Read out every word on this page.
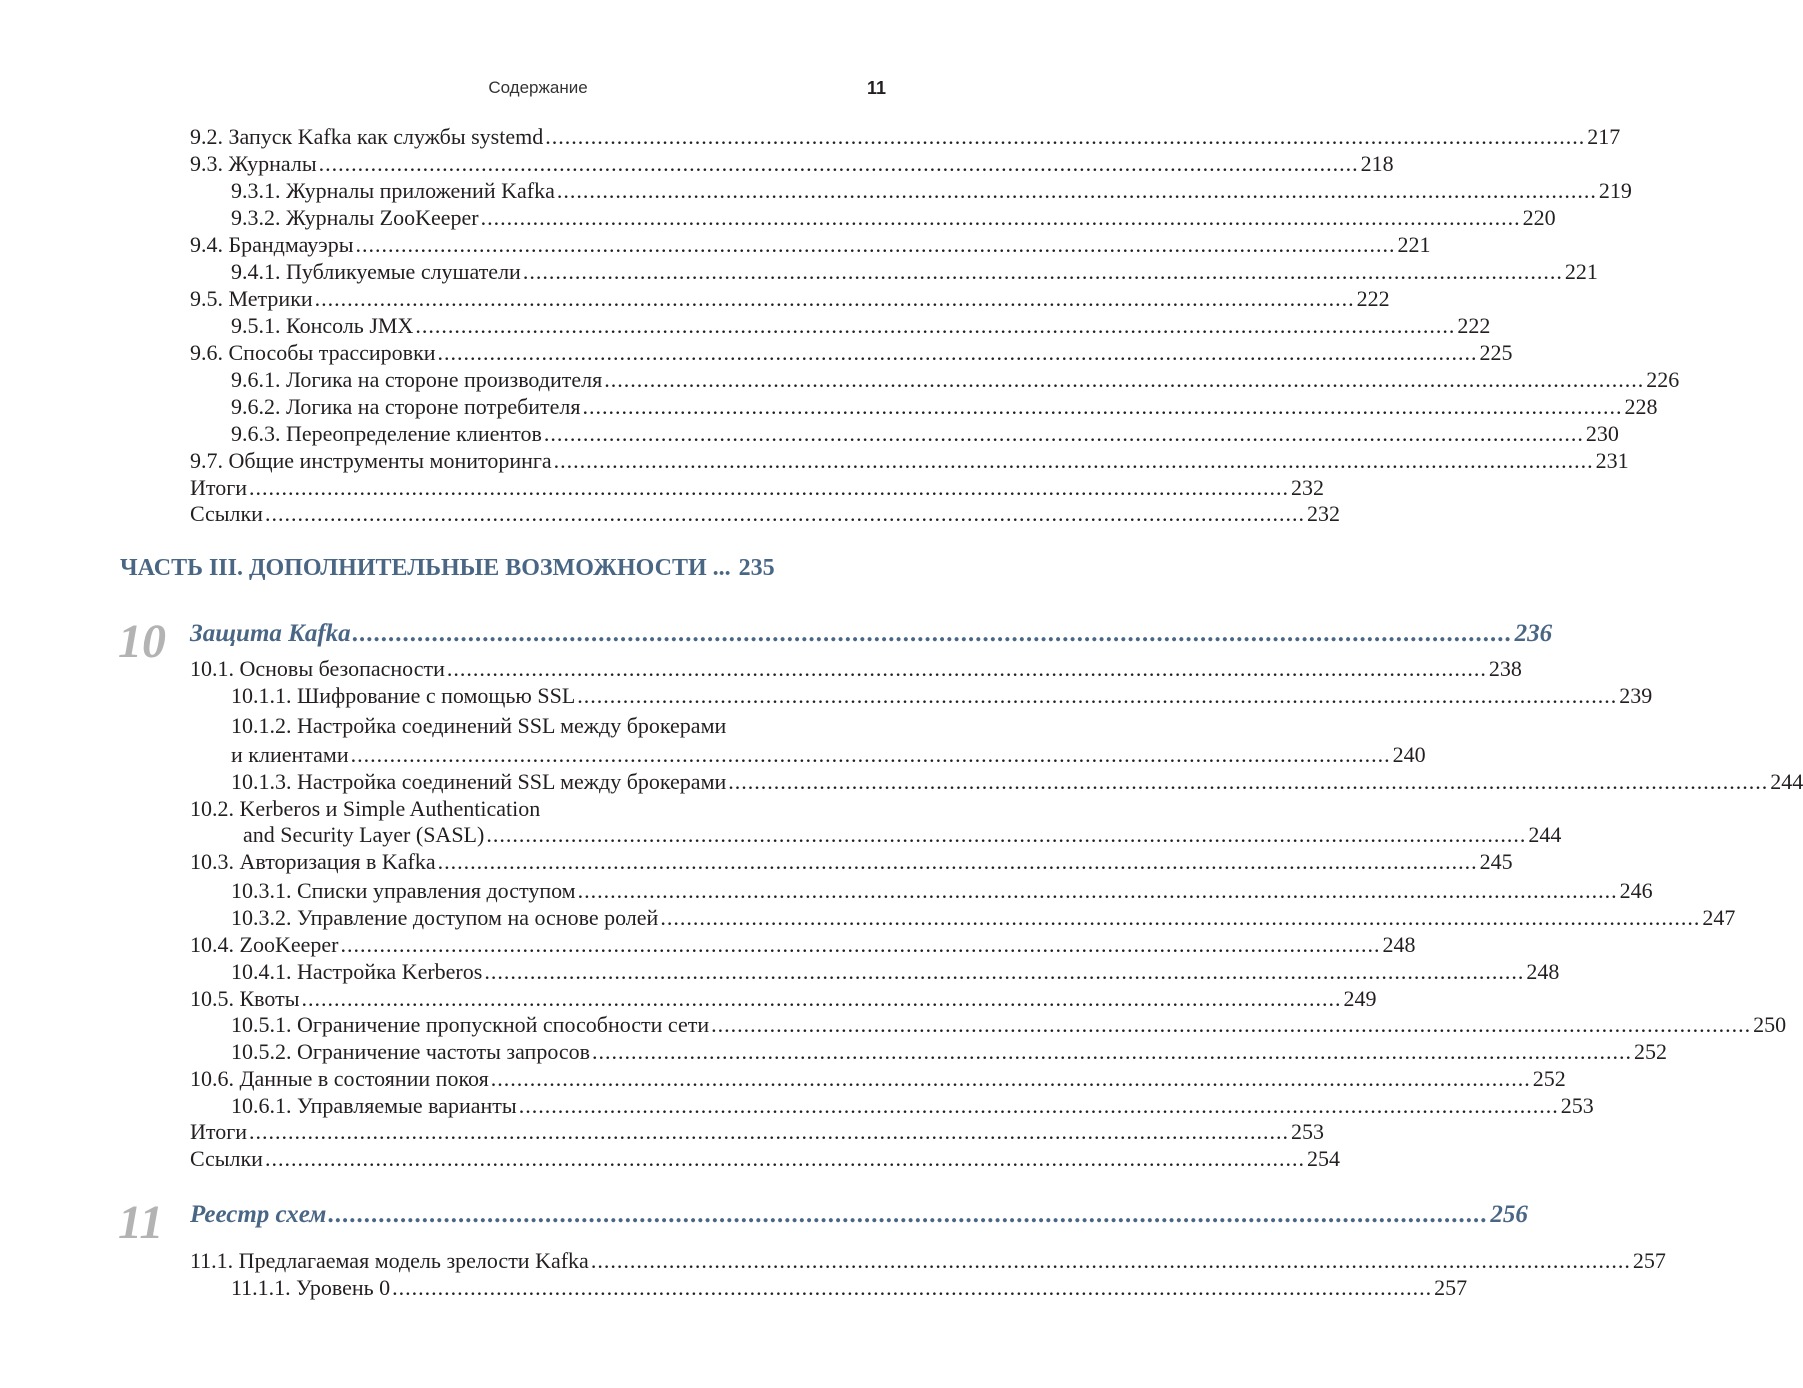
Содержание	11
9.2. Запуск Kafka как службы systemd ................................................................................................................................................................ 217
9.3. Журналы ................................................................................................................................................................ 218
9.3.1. Журналы приложений Kafka ................................................................................................................................................................ 219
9.3.2. Журналы ZooKeeper ................................................................................................................................................................ 220
9.4. Брандмауэры ................................................................................................................................................................ 221
9.4.1. Публикуемые слушатели ................................................................................................................................................................ 221
9.5. Метрики ................................................................................................................................................................ 222
9.5.1. Консоль JMX ................................................................................................................................................................ 222
9.6. Способы трассировки ................................................................................................................................................................ 225
9.6.1. Логика на стороне производителя ................................................................................................................................................................ 226
9.6.2. Логика на стороне потребителя ................................................................................................................................................................ 228
9.6.3. Переопределение клиентов ................................................................................................................................................................ 230
9.7. Общие инструменты мониторинга ................................................................................................................................................................ 231
Итоги ................................................................................................................................................................ 232
Ссылки ................................................................................................................................................................ 232
ЧАСТЬ III. ДОПОЛНИТЕЛЬНЫЕ ВОЗМОЖНОСТИ ... 235
10 Защита Kafka ................................................................................................................................................................ 236
10.1. Основы безопасности ................................................................................................................................................................ 238
10.1.1. Шифрование с помощью SSL ................................................................................................................................................................ 239
10.1.2. Настройка соединений SSL между брокерами
и клиентами ................................................................................................................................................................ 240
10.1.3. Настройка соединений SSL между брокерами ................................................................................................................................................................ 244
10.2. Kerberos и Simple Authentication
and Security Layer (SASL) ................................................................................................................................................................ 244
10.3. Авторизация в Kafka ................................................................................................................................................................ 245
10.3.1. Списки управления доступом ................................................................................................................................................................ 246
10.3.2. Управление доступом на основе ролей ................................................................................................................................................................ 247
10.4. ZooKeeper ................................................................................................................................................................ 248
10.4.1. Настройка Kerberos ................................................................................................................................................................ 248
10.5. Квоты ................................................................................................................................................................ 249
10.5.1. Ограничение пропускной способности сети ................................................................................................................................................................ 250
10.5.2. Ограничение частоты запросов ................................................................................................................................................................ 252
10.6. Данные в состоянии покоя ................................................................................................................................................................ 252
10.6.1. Управляемые варианты ................................................................................................................................................................ 253
Итоги ................................................................................................................................................................ 253
Ссылки ................................................................................................................................................................ 254
11 Реестр схем ................................................................................................................................................................ 256
11.1. Предлагаемая модель зрелости Kafka ................................................................................................................................................................ 257
11.1.1. Уровень 0 ................................................................................................................................................................ 257
